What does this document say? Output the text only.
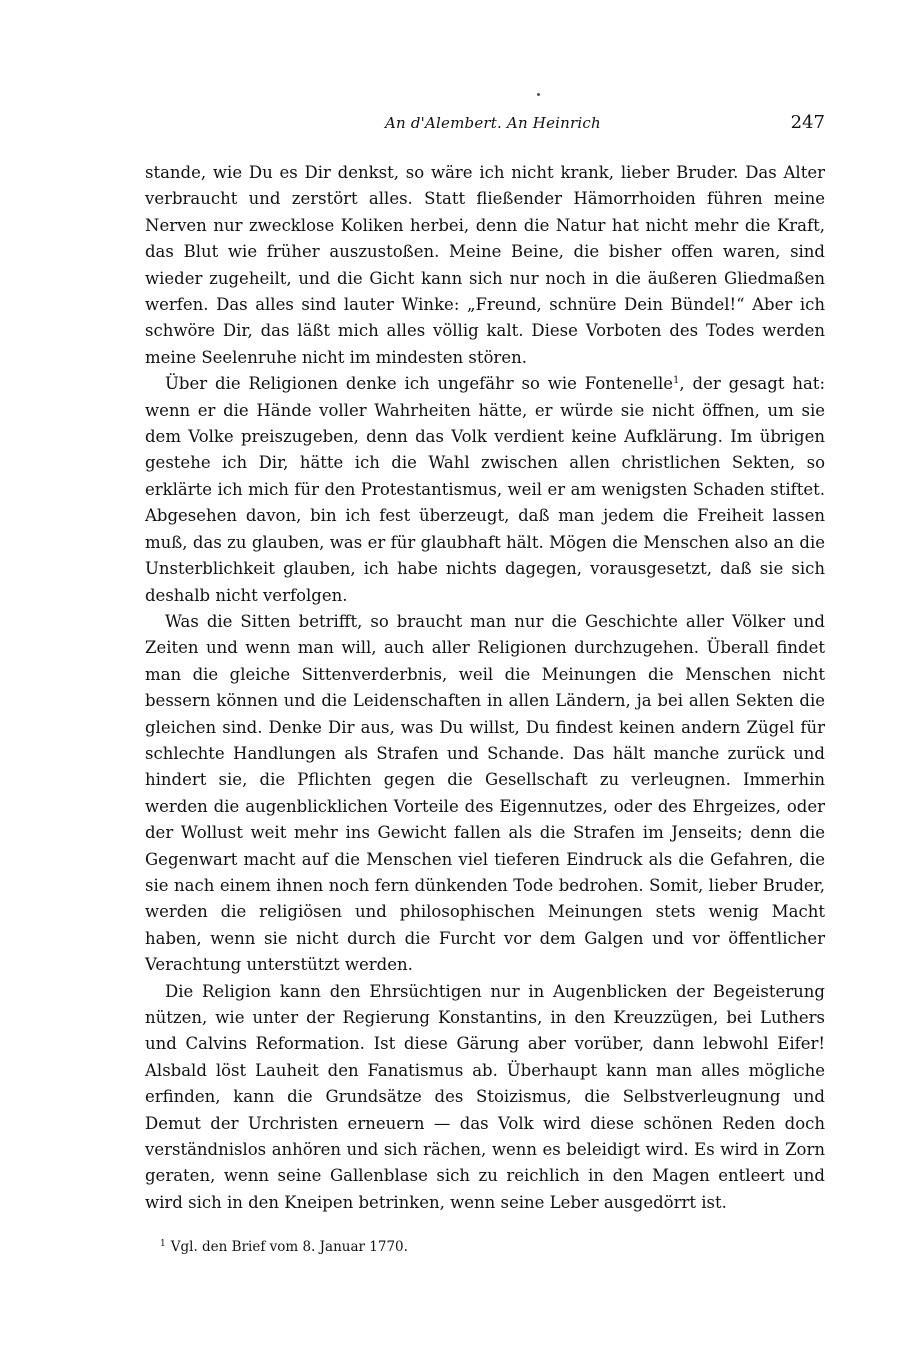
An d'Alembert. An Heinrich	247

stande, wie Du es Dir denkst, so wäre ich nicht krank, lieber Bruder. Das Alter verbraucht und zerstört alles. Statt fließender Hämorrhoiden führen meine Nerven nur zwecklose Koliken herbei, denn die Natur hat nicht mehr die Kraft, das Blut wie früher auszustoßen. Meine Beine, die bisher offen waren, sind wieder zugeheilt, und die Gicht kann sich nur noch in die äußeren Gliedmaßen werfen. Das alles sind lauter Winke: „Freund, schnüre Dein Bündel!“ Aber ich schwöre Dir, das läßt mich alles völlig kalt. Diese Vorboten des Todes werden meine Seelenruhe nicht im mindesten stören.

Über die Religionen denke ich ungefähr so wie Fontenelle$^1$, der gesagt hat: wenn er die Hände voller Wahrheiten hätte, er würde sie nicht öffnen, um sie dem Volke preiszugeben, denn das Volk verdient keine Aufklärung. Im übrigen gestehe ich Dir, hätte ich die Wahl zwischen allen christlichen Sekten, so erklärte ich mich für den Protestantismus, weil er am wenigsten Schaden stiftet. Abgesehen davon, bin ich fest überzeugt, daß man jedem die Freiheit lassen muß, das zu glauben, was er für glaubhaft hält. Mögen die Menschen also an die Unsterblichkeit glauben, ich habe nichts dagegen, vorausgesetzt, daß sie sich deshalb nicht verfolgen.

Was die Sitten betrifft, so braucht man nur die Geschichte aller Völker und Zeiten und wenn man will, auch aller Religionen durchzugehen. Überall findet man die gleiche Sittenverderbnis, weil die Meinungen die Menschen nicht bessern können und die Leidenschaften in allen Ländern, ja bei allen Sekten die gleichen sind. Denke Dir aus, was Du willst, Du findest keinen andern Zügel für schlechte Handlungen als Strafen und Schande. Das hält manche zurück und hindert sie, die Pflichten gegen die Gesellschaft zu verleugnen. Immerhin werden die augenblicklichen Vorteile des Eigennutzes, oder des Ehrgeizes, oder der Wollust weit mehr ins Gewicht fallen als die Strafen im Jenseits; denn die Gegenwart macht auf die Menschen viel tieferen Eindruck als die Gefahren, die sie nach einem ihnen noch fern dünkenden Tode bedrohen. Somit, lieber Bruder, werden die religiösen und philosophischen Meinungen stets wenig Macht haben, wenn sie nicht durch die Furcht vor dem Galgen und vor öffentlicher Verachtung unterstützt werden.

Die Religion kann den Ehrsüchtigen nur in Augenblicken der Begeisterung nützen, wie unter der Regierung Konstantins, in den Kreuzzügen, bei Luthers und Calvins Reformation. Ist diese Gärung aber vorüber, dann lebwohl Eifer! Alsbald löst Lauheit den Fanatismus ab. Überhaupt kann man alles mögliche erfinden, kann die Grundsätze des Stoizismus, die Selbstverleugnung und Demut der Urchristen erneuern — das Volk wird diese schönen Reden doch verständnislos anhören und sich rächen, wenn es beleidigt wird. Es wird in Zorn geraten, wenn seine Gallenblase sich zu reichlich in den Magen entleert und wird sich in den Kneipen betrinken, wenn seine Leber ausgedörrt ist.

$^1$ Vgl. den Brief vom 8. Januar 1770.
